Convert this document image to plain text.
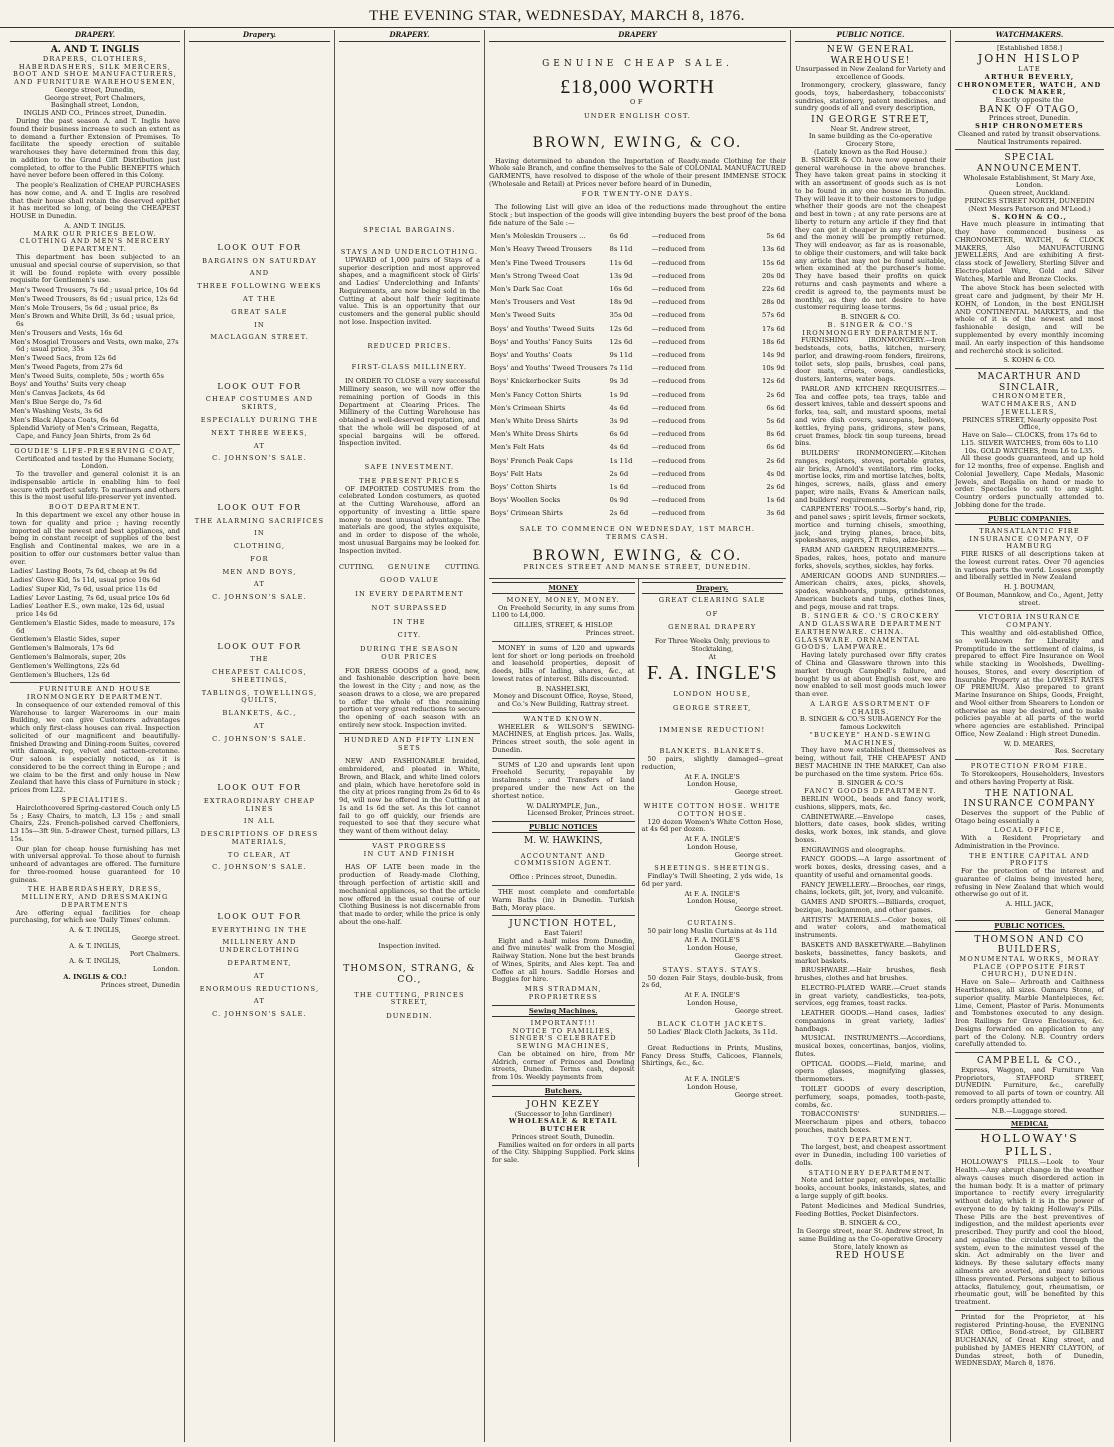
THE EVENING STAR, WEDNESDAY, MARCH 8, 1876.
DRAPERY.
A. AND T. INGLIS
DRAPERS, CLOTHIERS, HABERDASHERS, SILK MERCERS, BOOT AND SHOE MANUFACTURERS, AND FURNITURE WAREHOUSEMEN,
George street, Dunedin,
George street, Port Chalmers,
Basinghall street, London,
INGLIS AND CO., Princes street, Dunedin.
During the past season A. and T. Inglis have found their business increase to such an extent as to demand a further Extension of Premises. To facilitate the speedy erection of suitable warehouses they have determined from this day, in addition to the Grand Gift Distribution just completed, to offer to the Public BENEFITS which have never before been offered in this Colony.
The people's Realization of CHEAP PURCHASES has now come, and A. and T. Inglis are resolved that their house shall retain the deserved epithet it has merited so long, of being the CHEAPEST HOUSE in Dunedin.
A. AND T. INGLIS.
MARK OUR PRICES BELOW.
CLOTHING AND MEN'S MERCERY DEPARTMENT.
This department has been subjected to an unusual and special course of supervision, so that it will be found replete with every possible requisite for Gentlemen's use.
Men's Tweed Trousers, 7s 6d ; usual price, 10s 6d
Men's Tweed Trousers, 8s 6d ; usual price, 12s 6d
Men's Mole Trousers, 5s 6d ; usual price, 8s
Men's Brown and White Drill, 3s 6d ; usual price, 6s
Men's Trousers and Vests, 16s 6d
Men's Mosgiel Trousers and Vests, own make, 27s 6d ; usual price, 35s
Men's Tweed Sacs, from 12s 6d
Men's Tweed Pagets, from 27s 6d
Men's Tweed Suits, complete, 50s ; worth 65s
Boys' and Youths' Suits very cheap
Men's Canvas Jackets, 4s 6d
Men's Blue Serge do, 7s 6d
Men's Washing Vests, 3s 6d
Men's Black Alpaca Coats, 6s 6d
Splendid Variety of Men's Crimean, Regatta, Cape, and Fancy Jean Shirts, from 2s 6d
GOUDIE'S LIFE-PRESERVING COAT,
Certificated and tested by the Humane Society, London.
To the traveller and general colonist it is an indispensable article in enabling him to feel secure with perfect safety. To mariners and others this is the most useful life-preserver yet invented.
BOOT DEPARTMENT.
In this department we excel any other house in town for quality and price ; having recently imported all the newest and best appliances, and being in constant receipt of supplies of the best English and Continental makes, we are in a position to offer our customers better value than ever.
Ladies' Lasting Boots, 7s 6d, cheap at 9s 6d
Ladies' Glove Kid, 5s 11d, usual price 10s 6d
Ladies' Super Kid, 7s 6d, usual price 11s 6d
Ladies' Lever Lasting, 7s 6d, usual price 10s 6d
Ladies' Leather E.S., own make, 12s 6d, usual price 14s 6d
Gentlemen's Elastic Sides, made to measure, 17s 6d
Gentlemen's Elastic Sides, super
Gentlemen's Balmorals, 17s 6d
Gentlemen's Balmorals, super, 20s
Gentlemen's Wellingtons, 22s 6d
Gentlemen's Bluchers, 12s 6d
FURNITURE AND HOUSE IRONMONGERY DEPARTMENT.
In consequence of our extended removal of this Warehouse to larger Warerooms in our main Building, we can give Customers advantages which only first-class houses can rival. Inspection solicited of our magnificent and beautifully-finished Drawing and Dining-room Suites, covered with damask, rep, velvet and satteen-cretonne. Our saloon is especially noticed, as it is considered to be the correct thing in Europe ; and we claim to be the first and only house in New Zealand that have this class of Furniture in stock ; prices from L22.
SPECIALITIES.
Hairclothcovered Spring-castored Couch only L5 5s ; Easy Chairs, to match, L3 15s ; and small Chairs, 22s. French-polished carved Cheffoniers, L3 15s—3ft 9in. 5-drawer Chest, turned pillars, L3 15s.
Our plan for cheap house furnishing has met with universal approval. To those about to furnish unheard of advantages are offered. The furniture for three-roomed house guaranteed for 10 guineas.
THE HABERDASHERY, DRESS, MILLINERY, AND DRESSMAKING DEPARTMENTS
Are offering equal facilities for cheap purchasing, for which see 'Daily Times' column.
A. & T. INGLIS,
George street.
A. & T. INGLIS,
Port Chalmers.
A. & T. INGLIS,
London.
A. INGLIS & CO.!
Princes street, Dunedin
Drapery.
LOOK OUT FOR
BARGAINS ON SATURDAY
AND
THREE FOLLOWING WEEKS
AT THE
GREAT SALE
IN
MACLAGGAN STREET.
LOOK OUT FOR
CHEAP COSTUMES AND SKIRTS,
ESPECIALLY DURING THE
NEXT THREE WEEKS,
AT
C. JOHNSON'S SALE.
LOOK OUT FOR
THE ALARMING SACRIFICES
IN
CLOTHING,
FOR
MEN AND BOYS,
AT
C. JOHNSON'S SALE.
LOOK OUT FOR
THE
CHEAPEST CALICOS, SHEETINGS,
TABLINGS, TOWELLINGS, QUILTS,
BLANKETS, &C.,
AT
C. JOHNSON'S SALE.
LOOK OUT FOR
EXTRAORDINARY CHEAP LINES
IN ALL
DESCRIPTIONS OF DRESS MATERIALS,
TO CLEAR, AT
C. JOHNSON'S SALE.
LOOK OUT FOR
EVERYTHING IN THE
MILLINERY AND UNDERCLOTHING
DEPARTMENT,
AT
ENORMOUS REDUCTIONS,
AT
C. JOHNSON'S SALE.
DRAPERY.
SPECIAL BARGAINS.
STAYS AND UNDERCLOTHING.
UPWARD of 1,000 pairs of Stays of a superior description and most approved shapes, and a magnificent stock of Girls' and Ladies' Underclothing and Infants' Requirements, are now being sold in the Cutting at about half their legitimate value. This is an opportunity that our customers and the general public should not lose. Inspection invited.
REDUCED PRICES.
FIRST-CLASS MILLINERY.
IN ORDER TO CLOSE a very successful Millinery season, we will now offer the remaining portion of Goods in this Department at Clearing Prices. The Millinery of the Cutting Warehouse has obtained a well-deserved reputation, and that the whole will be disposed of at special bargains will be offered. Inspection invited.
SAFE INVESTMENT.
THE PRESENT PRICES
OF IMPORTED COSTUMES from the celebrated London costumers, as quoted at the Cutting Warehouse, afford an opportunity of investing a little spare money to most unusual advantage. The materials are good, the styles exquisite, and in order to dispose of the whole, most unusual Bargains may be looked for. Inspection invited.
CUTTING. GENUINE CUTTING.
GOOD VALUE
IN EVERY DEPARTMENT
NOT SURPASSED
IN THE
CITY.
DURING THE SEASON
OUR PRICES
FOR DRESS GOODS of a good, new, and fashionable description have been the lowest in the City ; and now, as the season draws to a close, we are prepared to offer the whole of the remaining portion at very great reductions to secure the opening of each season with an entirely new stock. Inspection invited.
HUNDRED AND FIFTY LINEN SETS
NEW AND FASHIONABLE braided, embroidered, and pleated in White, Brown, and Black, and white lined colors and plain, which have heretofore sold in the city at prices ranging from 2s 6d to 4s 9d, will now be offered in the Cutting at 1s and 1s 6d the set. As this lot cannot fail to go off quickly, our friends are requested to see that they secure what they want of them without delay.
VAST PROGRESS
IN CUT AND FINISH
HAS OF LATE been made in the production of Ready-made Clothing, through perfection of artistic skill and mechanical appliances, so that the article now offered in the usual course of our Clothing Business is not discernable from that made to order, while the price is only about the one-half.
Inspection invited.
THOMSON, STRANG, & CO.,
THE CUTTING, PRINCES STREET,
DUNEDIN.
DRAPERY
GENUINE CHEAP SALE.
£18,000 WORTH
OF
UNDER ENGLISH COST.
BROWN, EWING, & CO.
Having determined to abandon the Importation of Ready-made Clothing for their Whole sale Branch, and confine themselves to the Sale of COLONIAL MANUFACTURED GARMENTS, have resolved to dispose of the whole of their present IMMENSE STOCK (Wholesale and Retail) at Prices never before heard of in Dunedin,
FOR TWENTY-ONE DAYS.
The following List will give an idea of the reductions made throughout the entire Stock ; but inspection of the goods will give intending buyers the best proof of the bona fide nature of the Sale :—
Men's Moleskin Trousers ...	6s 6d	—reduced from	5s 6d
Men's Heavy Tweed Trousers	8s 11d	—reduced from	13s 6d
Men's Fine Tweed Trousers	11s 6d	—reduced from	15s 6d
Men's Strong Tweed Coat	13s 9d	—reduced from	20s 0d
Men's Dark Sac Coat	16s 6d	—reduced from	22s 6d
Men's Trousers and Vest	18s 9d	—reduced from	28s 0d
Men's Tweed Suits	35s 0d	—reduced from	57s 6d
Boys' and Youths' Tweed Suits	12s 6d	—reduced from	17s 6d
Boys' and Youths' Fancy Suits	12s 6d	—reduced from	18s 6d
Boys' and Youths' Coats	9s 11d	—reduced from	14s 9d
Boys' and Youths' Tweed Trousers	7s 11d	—reduced from	10s 9d
Boys' Knickerbocker Suits	9s 3d	—reduced from	12s 6d
Men's Fancy Cotton Shirts	1s 9d	—reduced from	2s 6d
Men's Crimean Shirts	4s 6d	—reduced from	6s 6d
Men's White Dress Shirts	3s 9d	—reduced from	5s 6d
Men's White Dress Shirts	6s 6d	—reduced from	8s 6d
Men's Felt Hats	4s 6d	—reduced from	6s 6d
Boys' French Peak Caps	1s 11d	—reduced from	2s 6d
Boys' Felt Hats	2s 6d	—reduced from	4s 0d
Boys' Cotton Shirts	1s 6d	—reduced from	2s 6d
Boys' Woollen Socks	0s 9d	—reduced from	1s 6d
Boys' Crimean Shirts	2s 6d	—reduced from	3s 6d
SALE TO COMMENCE ON WEDNESDAY, 1ST MARCH.
TERMS CASH.
BROWN, EWING, & CO.
PRINCES STREET AND MANSE STREET, DUNEDIN.
MONEY
MONEY, MONEY, MONEY.
On Freehold Security, in any sums from L100 to L4,000.
GILLIES, STREET, & HISLOP.
Princes street.
MONEY in sums of L20 and upwards lent for short or long periods on freehold and leasehold properties, deposit of deeds, bills of lading, shares, &c., at lowest rates of interest. Bills discounted.
B. NASHELSKI,
Money and Discount Office, Royse, Steed, and Co.'s New Building, Rattray street.
WANTED KNOWN.
WHEELER & WILSON'S SEWING-MACHINES, at English prices. Jas. Walls, Princes street south, the sole agent in Dunedin.
SUMS of L20 and upwards lent upon Freehold Security, repayable by instalments ; and Transfers of land prepared under the new Act on the shortest notice.
W. DALRYMPLE, Jun.,
Licensed Broker, Princes street.
PUBLIC NOTICES
M. W. HAWKINS,
ACCOUNTANT AND COMMISSION AGENT.
Office : Princes street, Dunedin.
THE most complete and comfortable Warm Baths (in) in Dunedin. Turkish Bath, Moray place.
JUNCTION HOTEL,
East Taieri!
Eight and a-half miles from Dunedin, and five minutes' walk from the Mosgiel Railway Station. None but the best brands of Wines, Spirits, and Ales kept. Tea and Coffee at all hours. Saddle Horses and Buggies for hire.
MRS STRADMAN, PROPRIETRESS
Sewing Machines.
IMPORTANT!!!
NOTICE TO FAMILIES,
SINGER'S CELEBRATED SEWING MACHINES,
Can be obtained on hire, from Mr Aldrich, corner of Princes and Dowling streets, Dunedin. Terms cash, deposit from 10s. Weekly payments from
Butchers.
JOHN KEZEY
(Successor to John Gardiner)
WHOLESALE & RETAIL BUTCHER
Princes street South, Dunedin.
Families waited on for orders in all parts of the City. Shipping Supplied. Pork skins for sale.
Drapery.
GREAT CLEARING SALE
OF
GENERAL DRAPERY
For Three Weeks Only, previous to Stocktaking,
At
F. A. INGLE'S
LONDON HOUSE,
GEORGE STREET,
IMMENSE REDUCTION!
BLANKETS. BLANKETS.
50 pairs, slightly damaged—great reduction,
At F. A. INGLE'S
London House,
George street.
WHITE COTTON HOSE. WHITE COTTON HOSE.
120 dozen Women's White Cotton Hose, at 4s 6d per dozen.
At F. A. INGLE'S
London House,
George street.
SHEETINGS. SHEETINGS.
Findlay's Twill Sheeting, 2 yds wide, 1s 6d per yard.
At F. A. INGLE'S
London House,
George street.
CURTAINS.
50 pair long Muslin Curtains at 4s 11d
At F. A. INGLE'S
London House,
George street.
STAYS. STAYS. STAYS.
50 dozen Fair Stays, double-busk, from 2s 6d,
At F. A. INGLE'S
London House,
George street.
BLACK CLOTH JACKETS.
50 Ladies' Black Cloth Jackets, 3s 11d.
Great Reductions in Prints, Muslins, Fancy Dress Stuffs, Calicoes, Flannels, Shirtings, &c., &c.
At F. A. INGLE'S
London House,
George street.
PUBLIC NOTICE.
NEW GENERAL WAREHOUSE!
Unsurpassed in New Zealand for Variety and excellence of Goods.
Ironmongery, crockery, glassware, fancy goods, toys, haberdashery, tobacconists' sundries, stationery, patent medicines, and sundry goods of all and every description,
IN GEORGE STREET,
Near St. Andrew street,
In same building as the Co-operative Grocery Store,
(Lately known as the Red House.)
B. SINGER & CO. have now opened their general warehouse in the above branches. They have taken great pains in stocking it with an assortment of goods such as is not to be found in any one house in Dunedin. They will leave it to their customers to judge whether their goods are not the cheapest and best in town ; at any rate persons are at liberty to return any article if they find that they can get it cheaper in any other place, and the money will be promptly returned. They will endeavor, as far as is reasonable, to oblige their customers, and will take back any article that may not be found suitable, when examined at the purchaser's home. They have based their profits on quick returns and cash payments and where a credit is agreed to, the payments must be monthly, as they do not desire to have customer requiring lease terms.
B. SINGER & CO.
B. SINGER & CO.'S IRONMONGERY DEPARTMENT.
FURNISHING IRONMONGERY.—Iron bedsteads, cots, baths, kitchen, nursery, parlor, and drawing-room fenders, fireirons, toilet sets, slop pails, brushes, coal pans, door mats, cruets, ovens, candlesticks, dusters, lanterns, water bags.
PARLOR AND KITCHEN REQUISITES.—Tea and coffee pots, tea trays, table and dessert knives, table and dessert spoons and forks, tea, salt, and mustard spoons, metal and wire dish covers, saucepans, bellows, kettles, frying pans, gridirons, stew pans, cruet frames, block tin soup tureens, bread bins.
BUILDERS' IRONMONGERY.—Kitchen ranges, registers, stoves, portable grates, air bricks, Arnold's ventilators, rim locks, mortise locks, rim and mortise latches, bolts, hinges, screws, nails, glass and emery paper, wire nails, Evans & American nails, and builders' requirements.
CARPENTERS' TOOLS.—Sorby's hand, rip, and panel saws ; spirit levels, firmer sockets, mortice and turning chisels, smoothing, jack, and trying planes, brace, bits, spokeshaves, augers, 2 ft rules, adze-bits.
FARM AND GARDEN REQUIREMENTS.—Spades, rakes, hoes, potato and manure forks, shovels, scythes, sickles, hay forks.
AMERICAN GOODS AND SUNDRIES.—American chairs, axes, picks, shovels, spades, washboards, pumps, grindstones, American buckets and tubs, clothes lines, and pegs, mouse and rat traps.
B. SINGER & CO.'S CROCKERY AND GLASSWARE DEPARTMENT
EARTHENWARE. CHINA. GLASSWARE. ORNAMENTAL GOODS. LAMPWARE.
Having lately purchased over fifty crates of China and Glassware thrown into this market through Campbell's failure, and bought by us at about English cost, we are now enabled to sell most goods much lower than ever.
A LARGE ASSORTMENT OF CHAIRS.
B. SINGER & CO.'S SUB-AGENCY For the famous Lockwitch
"BUCKEYE" HAND-SEWING MACHINES,
They have now established themselves as being, without fail, THE CHEAPEST AND BEST MACHINE IN THE MARKET, Can also be purchased on the time system. Price 65s.
B. SINGER & CO.'S
FANCY GOODS DEPARTMENT.
BERLIN WOOL, beads and fancy work, cushions, slippers, mats, &c.
CABINETWARE.—Envelope cases, blotters, date cases, book slides, writing desks, work boxes, ink stands, and glove boxes.
ENGRAVINGS and oleographs.
FANCY GOODS.—A large assortment of work boxes, desks, dressing cases, and a quantity of useful and ornamental goods.
FANCY JEWELLERY.—Brooches, ear rings, chains, lockets, gilt, jet, ivory, and vulcanite.
GAMES AND SPORTS.—Billiards, croquet, bezique, backgammon, and other games.
ARTISTS' MATERIALS.—Color boxes, oil and water colors, and mathematical instruments.
BASKETS AND BASKETWARE.—Babylinen baskets, bassinettes, fancy baskets, and market baskets.
BRUSHWARE.—Hair brushes, flesh brushes, clothes and hat brushes.
ELECTRO-PLATED WARE.—Cruet stands in great variety, candlesticks, tea-pots, services, egg frames, toast racks.
LEATHER GOODS.—Hand cases, ladies' companions in great variety, ladies' handbags.
MUSICAL INSTRUMENTS.—Accordians, musical boxes, concertinas, banjos, violins, flutes.
OPTICAL GOODS.—Field, marine, and opera glasses, magnifying glasses, thermometers.
TOILET GOODS of every description, perfumery, soaps, pomades, tooth-paste, combs, &c.
TOBACCONISTS' SUNDRIES.—Meerschaum pipes and others, tobacco pouches, match boxes.
TOY DEPARTMENT.
The largest, best, and cheapest assortment ever in Dunedin, including 100 varieties of dolls.
STATIONERY DEPARTMENT.
Note and letter paper, envelopes, metallic books, account books, inkstands, slates, and a large supply of gift books.
Patent Medicines and Medical Sundries, Feeding Bottles, Pocket Disinfectors.
B. SINGER & CO.,
In George street, near St. Andrew street, In same Building as the Co-operative Grocery Store, lately known as
RED HOUSE
WATCHMAKERS.
[Established 1858.]
JOHN HISLOP
LATE
ARTHUR BEVERLY,
CHRONOMETER, WATCH, AND CLOCK MAKER,
Exactly opposite the
BANK OF OTAGO,
Princes street, Dunedin.
SHIP CHRONOMETERS
Cleaned and rated by transit observations.
Nautical Instruments repaired.
SPECIAL ANNOUNCEMENT.
Wholesale Establishment, St Mary Axe, London.
Queen street, Auckland.
PRINCES STREET NORTH, DUNEDIN (Next Messrs Paterson and M'Leod.)
S. KOHN & CO.,
Have much pleasure in intimating that they have commenced business as CHRONOMETER, WATCH, & CLOCK MAKERS, Also MANUFACTURING JEWELLERS, And are exhibiting A first-class stock of Jewellery, Sterling Silver and Electro-plated Ware, Gold and Silver Watches, Marble and Bronze Clocks.
The above Stock has been selected with great care and judgment, by their Mr H. KOHN, of London, in the best ENGLISH AND CONTINENTAL MARKETS, and the whole of it is of the newest and most fashionable design, and will be supplemented by every monthly incoming mail. An early inspection of this handsome and recherché stock is solicited.
S. KOHN & CO.
MACARTHUR AND SINCLAIR,
CHRONOMETER, WATCHMAKERS, AND JEWELLERS,
PRINCES STREET, Nearly opposite Post Office,
Have on Sale— CLOCKS, from 17s 6d to L15. SILVER WATCHES, from 60s to L10 10s. GOLD WATCHES, from L6 to L35.
All these goods guaranteed, and up hold for 12 months, free of expense. English and Colonial Jewellery, Cape Medals, Masonic Jewels, and Regalia on hand or made to order. Spectacles to suit to any sight. Country orders punctually attended to. Jobbing done for the trade.
PUBLIC COMPANIES.
TRANSATLANTIC FIRE INSURANCE COMPANY, OF HAMBURG
FIRE RISKS of all descriptions taken at the lowest current rates. Over 70 agencies in various parts the world. Losses promptly and liberally settled in New Zealand
H. J. BOUMAN,
Of Bouman, Mannkow, and Co., Agent, Jetty street.
VICTORIA INSURANCE COMPANY.
This wealthy and old-established Office, so well-known for Liberality and Promptitude in the settlement of claims, is prepared to effect Fire Insurance on Wool while stacking in Woolsheds, Dwelling-houses, Stores, and every description of Insurable Property at the LOWEST RATES OF PREMIUM. Also prepared to grant Marine Insurance on Ships, Goods, Freight, and Wool either from Shearers to London or otherwise as may be desired, and to make policies payable at all parts of the world where agencies are established. Principal Office, New Zealand : High street Dunedin.
W. D. MEARES,
Res. Secretary
PROTECTION FROM FIRE.
To Storekeepers, Householders, Investors and others having Property at Risk.
THE NATIONAL INSURANCE COMPANY
Deserves the support of the Public of Otago being essentially a
LOCAL OFFICE,
With a Resident Proprietary and Administration in the Province.
THE ENTIRE CAPITAL AND PROFITS
For the protection of the interest and guarantee of claims being invested here, refusing in New Zealand that which would otherwise go out of it.
A. HILL JACK,
General Manager
PUBLIC NOTICES.
THOMSON AND CO BUILDERS,
MONUMENTAL WORKS, MORAY PLACE (OPPOSITE FIRST CHURCH), DUNEDIN.
Have on Sale— Arbroath and Caithness Hearthstones, all sizes. Oamaru Stone, of superior quality. Marble Mantelpieces, &c. Lime, Cement, Plaster of Paris. Monuments and Tombstones executed to any design. Iron Railings for Grave Enclosures, &c. Designs forwarded on application to any part of the Colony. N.B. Country orders carefully attended to.
CAMPBELL & CO.,
Express, Waggon, and Furniture Van Proprietors, STAFFORD STREET, DUNEDIN. Furniture, &c., carefully removed to all parts of town or country. All orders promptly attended to.
N.B.—Luggage stored.
MEDICAL
HOLLOWAY'S PILLS.
HOLLOWAY'S PILLS.—Look to Your Health.—Any abrupt change in the weather always causes much disordered action in the human body. It is a matter of primary importance to rectify every irregularity without delay, which it is in the power of everyone to do by taking Holloway's Pills. These Pills are the best preventives of indigestion, and the mildest aperients ever prescribed. They purify and cool the blood, and equalise the circulation through the system, even to the minutest vessel of the skin. Act admirably on the liver and kidneys. By these salutary effects many ailments are averted, and many serious illness prevented. Persons subject to bilious attacks, flatulency, gout, rheumatism, or rheumatic gout, will be benefited by this treatment.
Printed for the Proprietor, at his registered Printing-house, the EVENING STAR Office, Bond-street, by GILBERT BUCHANAN, of Great King street, and published by JAMES HENRY CLAYTON, of Dundas street, both of Dunedin, WEDNESDAY, March 8, 1876.
